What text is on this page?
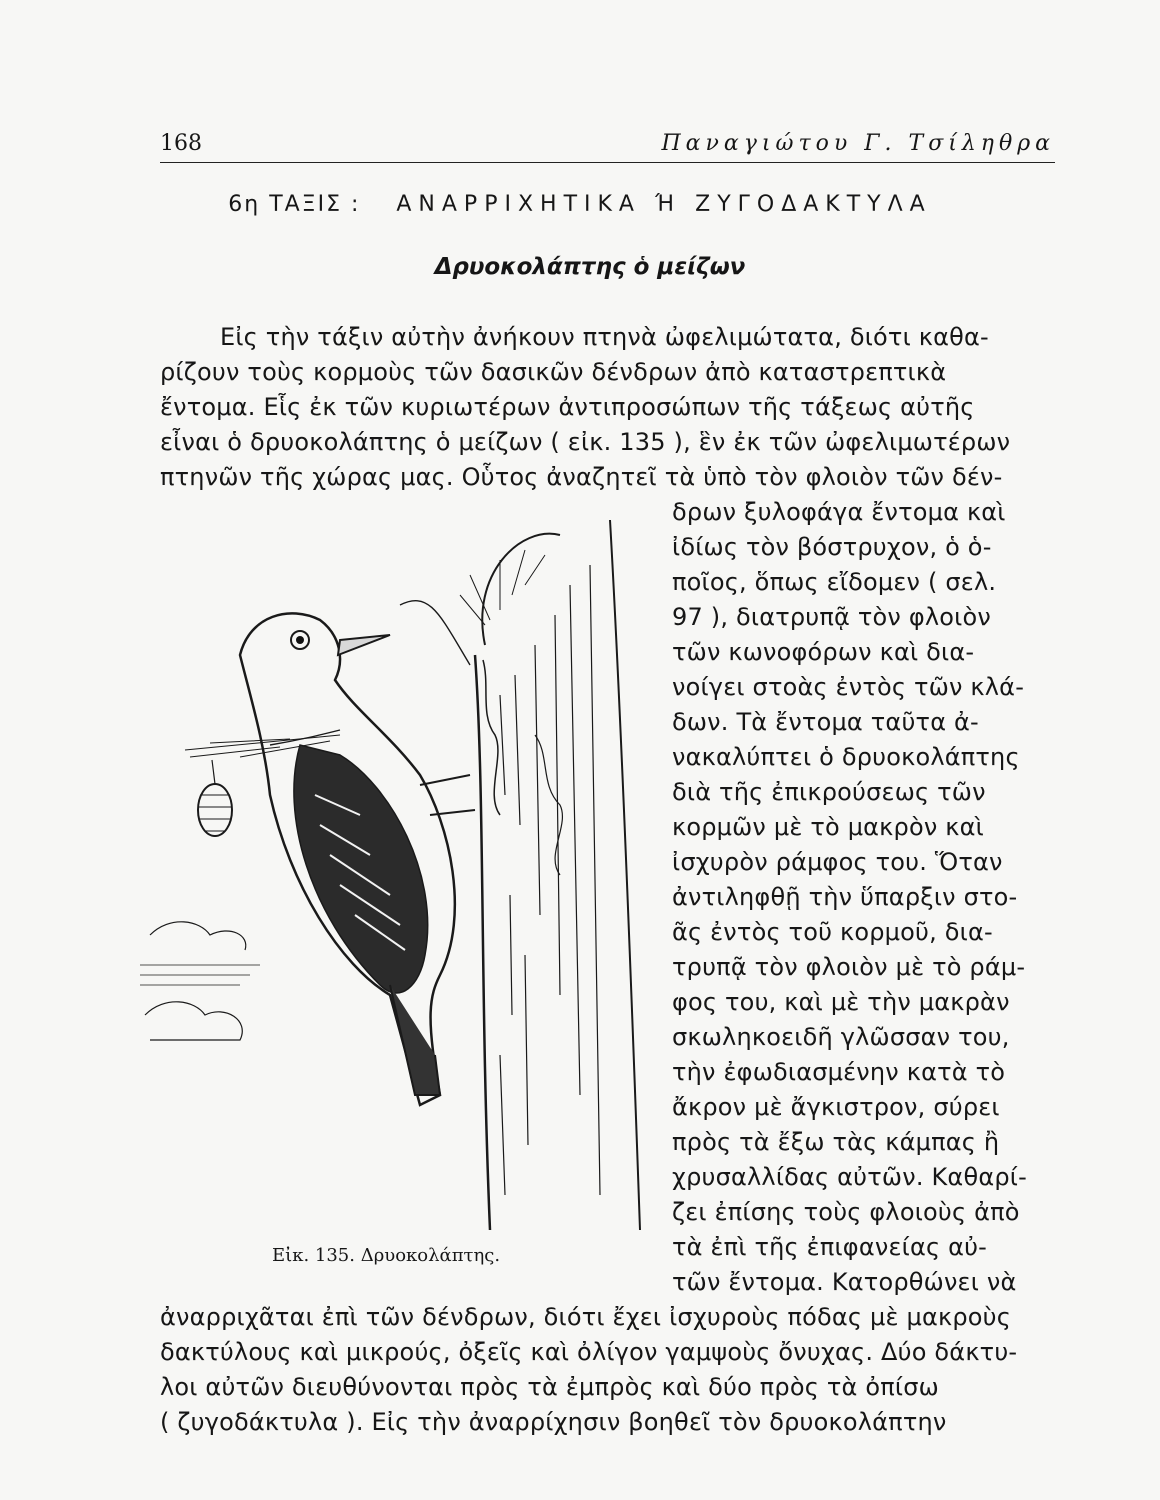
168	Παναγιώτου Γ. Τσίληθρα
6η ΤΑΞΙΣ : ΑΝΑΡΡΙΧΗΤΙΚΑ Ή ΖΥΓΟΔΑΚΤΥΛΑ
Δρυοκολάπτης ὁ μείζων
Εἰς τὴν τάξιν αὐτὴν ἀνήκουν πτηνὰ ὠφελιμώτατα, διότι καθα-
ρίζουν τοὺς κορμοὺς τῶν δασικῶν δένδρων ἀπὸ καταστρεπτικὰ
ἔντομα. Εἷς ἐκ τῶν κυριωτέρων ἀντιπροσώπων τῆς τάξεως αὐτῆς
εἶναι ὁ δρυοκολάπτης ὁ μείζων ( εἰκ. 135 ), ἓν ἐκ τῶν ὠφελιμωτέρων
πτηνῶν τῆς χώρας μας. Οὗτος ἀναζητεῖ τὰ ὑπὸ τὸν φλοιὸν τῶν δέν-
δρων ξυλοφάγα ἔντομα καὶ
ἰδίως τὸν βόστρυχον, ὁ ὁ-
ποῖος, ὅπως εἴδομεν ( σελ.
97 ), διατρυπᾷ τὸν φλοιὸν
τῶν κωνοφόρων καὶ δια-
νοίγει στοὰς ἐντὸς τῶν κλά-
δων. Τὰ ἔντομα ταῦτα ἀ-
νακαλύπτει ὁ δρυοκολάπτης
διὰ τῆς ἐπικρούσεως τῶν
κορμῶν μὲ τὸ μακρὸν καὶ
ἰσχυρὸν ράμφος του. Ὅταν
ἀντιληφθῇ τὴν ὕπαρξιν στο-
ᾶς ἐντὸς τοῦ κορμοῦ, δια-
τρυπᾷ τὸν φλοιὸν μὲ τὸ ράμ-
φος του, καὶ μὲ τὴν μακρὰν
σκωληκοειδῆ γλῶσσαν του,
τὴν ἐφωδιασμένην κατὰ τὸ
ἄκρον μὲ ἄγκιστρον, σύρει
πρὸς τὰ ἔξω τὰς κάμπας ἢ
χρυσαλλίδας αὐτῶν. Καθαρί-
ζει ἐπίσης τοὺς φλοιοὺς ἀπὸ
τὰ ἐπὶ τῆς ἐπιφανείας αὐ-
τῶν ἔντομα. Κατορθώνει νὰ
ἀναρριχᾶται ἐπὶ τῶν δένδρων, διότι ἔχει ἰσχυροὺς πόδας μὲ μακροὺς
δακτύλους καὶ μικρούς, ὀξεῖς καὶ ὀλίγον γαμψοὺς ὄνυχας. Δύο δάκτυ-
λοι αὐτῶν διευθύνονται πρὸς τὰ ἐμπρὸς καὶ δύο πρὸς τὰ ὀπίσω
( ζυγοδάκτυλα ). Εἰς τὴν ἀναρρίχησιν βοηθεῖ τὸν δρυοκολάπτην
Εἰκ. 135. Δρυοκολάπτης.
